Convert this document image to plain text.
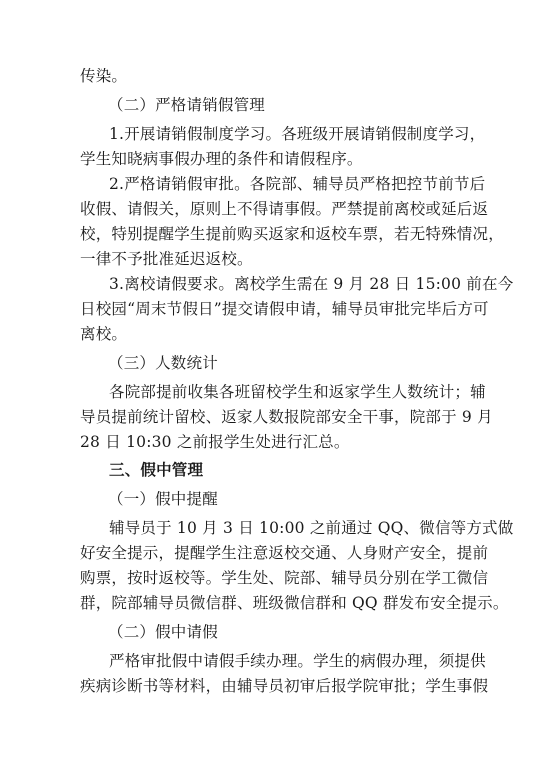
传染。
（二）严格请销假管理
1.开展请销假制度学习。各班级开展请销假制度学习，
学生知晓病事假办理的条件和请假程序。
2.严格请销假审批。各院部、辅导员严格把控节前节后
收假、请假关，原则上不得请事假。严禁提前离校或延后返
校，特别提醒学生提前购买返家和返校车票，若无特殊情况，
一律不予批准延迟返校。
3.离校请假要求。离校学生需在 9 月 28 日 15:00 前在今
日校园“周末节假日”提交请假申请，辅导员审批完毕后方可
离校。
（三）人数统计
各院部提前收集各班留校学生和返家学生人数统计；辅
导员提前统计留校、返家人数报院部安全干事，院部于 9 月
28 日 10:30 之前报学生处进行汇总。
三、假中管理
（一）假中提醒
辅导员于 10 月 3 日 10:00 之前通过 QQ、微信等方式做
好安全提示，提醒学生注意返校交通、人身财产安全，提前
购票，按时返校等。学生处、院部、辅导员分别在学工微信
群，院部辅导员微信群、班级微信群和 QQ 群发布安全提示。
（二）假中请假
严格审批假中请假手续办理。学生的病假办理，须提供
疾病诊断书等材料，由辅导员初审后报学院审批；学生事假
